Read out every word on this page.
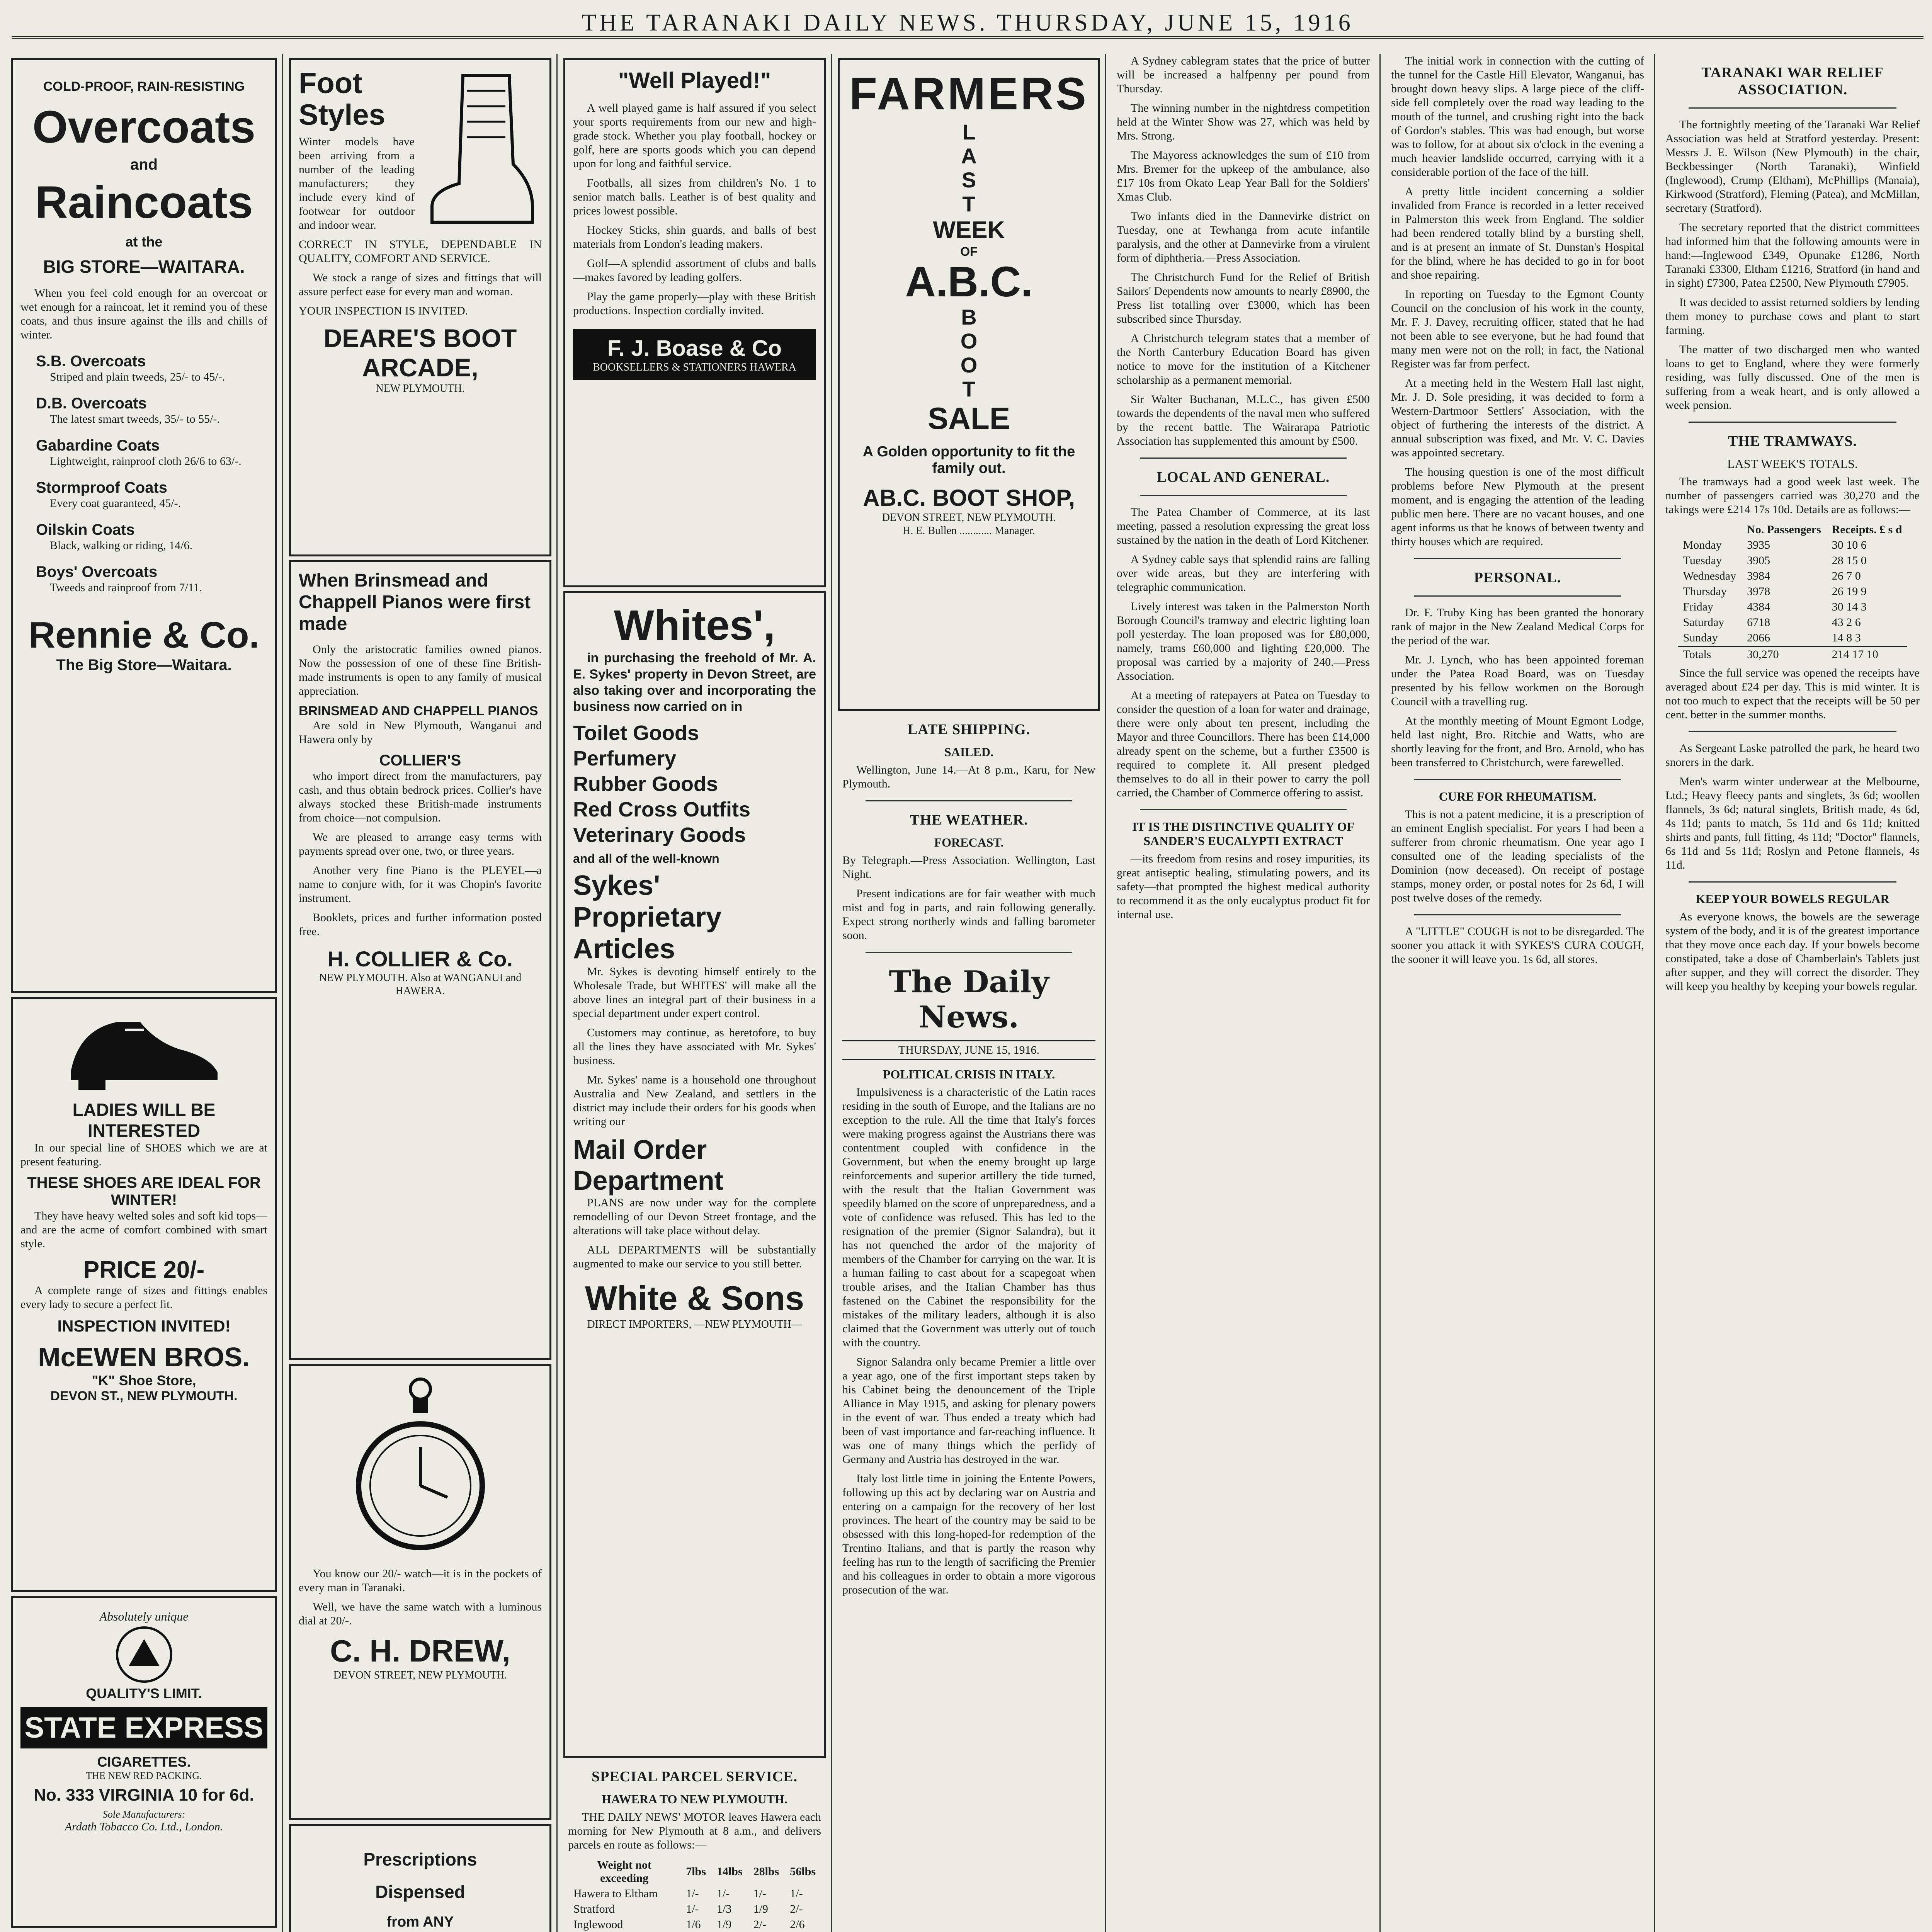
THE TARANAKI DAILY NEWS. THURSDAY, JUNE 15, 1916
COLD-PROOF, RAIN-RESISTING
Overcoats
and
Raincoats
at the
BIG STORE—WAITARA.

When you feel cold enough for an overcoat or wet enough for a raincoat, let it remind you of these coats, and thus insure against the ills and chills of winter.

S.B. Overcoats
Striped and plain tweeds, 25/- to 45/-.
D.B. Overcoats
The latest smart tweeds, 35/- to 55/-.
Gabardine Coats
Lightweight, rainproof cloth 26/6 to 63/-.
Stormproof Coats
Every coat guaranteed, 45/-.
Oilskin Coats
Black, walking or riding, 14/6.
Boys' Overcoats
Tweeds and rainproof from 7/11.
Rennie & Co.
The Big Store—Waitara.
LADIES WILL BE INTERESTED

In our special line of SHOES which we are at present featuring.

THESE SHOES ARE IDEAL FOR WINTER!

They have heavy welted soles and soft kid tops—and are the acme of comfort combined with smart style.

PRICE 20/-

A complete range of sizes and fittings enables every lady to secure a perfect fit.

INSPECTION INVITED!
McEWEN BROS.
"K" Shoe Store,
DEVON ST., NEW PLYMOUTH.
Absolutely unique
QUALITY'S LIMIT.
STATE EXPRESS
CIGARETTES.
THE NEW RED PACKING.
No. 333 VIRGINIA 10 for 6d.
Sole Manufacturers:
Ardath Tobacco Co. Ltd., London.

Foot Styles

Winter models have been arriving from a number of the leading manufacturers; they include every kind of footwear for outdoor and indoor wear.

CORRECT IN STYLE, DEPENDABLE IN QUALITY, COMFORT AND SERVICE.

We stock a range of sizes and fittings that will assure perfect ease for every man and woman.

YOUR INSPECTION IS INVITED.

DEARE'S BOOT ARCADE,
NEW PLYMOUTH.
When Brinsmead and Chappell Pianos were first made

Only the aristocratic families owned pianos. Now the possession of one of these fine British-made instruments is open to any family of musical appreciation.

BRINSMEAD AND CHAPPELL PIANOS

Are sold in New Plymouth, Wanganui and Hawera only by

COLLIER'S

who import direct from the manufacturers, pay cash, and thus obtain bedrock prices. Collier's have always stocked these British-made instruments from choice—not compulsion.

We are pleased to arrange easy terms with payments spread over one, two, or three years.

Another very fine Piano is the PLEYEL—a name to conjure with, for it was Chopin's favorite instrument.

Booklets, prices and further information posted free.

H. COLLIER & Co.
NEW PLYMOUTH. Also at WANGANUI and HAWERA.

You know our 20/- watch—it is in the pockets of every man in Taranaki.

Well, we have the same watch with a luminous dial at 20/-.

C. H. DREW,
DEVON STREET, NEW PLYMOUTH.
Prescriptions
Dispensed
from ANY

"Well Played!"

A well played game is half assured if you select your sports requirements from our new and high-grade stock. Whether you play football, hockey or golf, here are sports goods which you can depend upon for long and faithful service.

Footballs, all sizes from children's No. 1 to senior match balls. Leather is of best quality and prices lowest possible.

Hockey Sticks, shin guards, and balls of best materials from London's leading makers.

Golf—A splendid assortment of clubs and balls—makes favored by leading golfers.

Play the game properly—play with these British productions. Inspection cordially invited.

F. J. Boase & Co
BOOKSELLERS & STATIONERS HAWERA
Whites',

in purchasing the freehold of Mr. A. E. Sykes' property in Devon Street, are also taking over and incorporating the business now carried on in

Toilet Goods
Perfumery
Rubber Goods
Red Cross Outfits
Veterinary Goods
and all of the well-known
Sykes' Proprietary Articles

Mr. Sykes is devoting himself entirely to the Wholesale Trade, but WHITES' will make all the above lines an integral part of their business in a special department under expert control.

Customers may continue, as heretofore, to buy all the lines they have associated with Mr. Sykes' business.

Mr. Sykes' name is a household one throughout Australia and New Zealand, and settlers in the district may include their orders for his goods when writing our

Mail Order Department

PLANS are now under way for the complete remodelling of our Devon Street frontage, and the alterations will take place without delay.

ALL DEPARTMENTS will be substantially augmented to make our service to you still better.

White & Sons
DIRECT IMPORTERS, —NEW PLYMOUTH—
SPECIAL PARCEL SERVICE.
HAWERA TO NEW PLYMOUTH.

THE DAILY NEWS' MOTOR leaves Hawera each morning for New Plymouth at 8 a.m., and delivers parcels en route as follows:—

Weight not exceeding	7lbs	14lbs	28lbs	56lbs
Hawera to Eltham	1/-	1/-	1/-	1/-
Stratford	1/-	1/3	1/9	2/-
Inglewood	1/6	1/9	2/-	2/6

FARMERS
L
A
S
T
WEEK
OF
A.B.C.
B
O
O
T
SALE
A Golden opportunity to fit the family out.
AB.C. BOOT SHOP,
DEVON STREET, NEW PLYMOUTH.
H. E. Bullen ............ Manager.
LATE SHIPPING.
SAILED.

Wellington, June 14.—At 8 p.m., Karu, for New Plymouth.

THE WEATHER.
FORECAST.

By Telegraph.—Press Association. Wellington, Last Night.

Present indications are for fair weather with much mist and fog in parts, and rain following generally. Expect strong northerly winds and falling barometer soon.

The Daily News.
THURSDAY, JUNE 15, 1916.
POLITICAL CRISIS IN ITALY.

Impulsiveness is a characteristic of the Latin races residing in the south of Europe, and the Italians are no exception to the rule. All the time that Italy's forces were making progress against the Austrians there was contentment coupled with confidence in the Government, but when the enemy brought up large reinforcements and superior artillery the tide turned, with the result that the Italian Government was speedily blamed on the score of unpreparedness, and a vote of confidence was refused. This has led to the resignation of the premier (Signor Salandra), but it has not quenched the ardor of the majority of members of the Chamber for carrying on the war. It is a human failing to cast about for a scapegoat when trouble arises, and the Italian Chamber has thus fastened on the Cabinet the responsibility for the mistakes of the military leaders, although it is also claimed that the Government was utterly out of touch with the country.

Signor Salandra only became Premier a little over a year ago, one of the first important steps taken by his Cabinet being the denouncement of the Triple Alliance in May 1915, and asking for plenary powers in the event of war. Thus ended a treaty which had been of vast importance and far-reaching influence. It was one of many things which the perfidy of Germany and Austria has destroyed in the war.

Italy lost little time in joining the Entente Powers, following up this act by declaring war on Austria and entering on a campaign for the recovery of her lost provinces. The heart of the country may be said to be obsessed with this long-hoped-for redemption of the Trentino Italians, and that is partly the reason why feeling has run to the length of sacrificing the Premier and his colleagues in order to obtain a more vigorous prosecution of the war.

A Sydney cablegram states that the price of butter will be increased a halfpenny per pound from Thursday.

The winning number in the nightdress competition held at the Winter Show was 27, which was held by Mrs. Strong.

The Mayoress acknowledges the sum of £10 from Mrs. Bremer for the upkeep of the ambulance, also £17 10s from Okato Leap Year Ball for the Soldiers' Xmas Club.

Two infants died in the Dannevirke district on Tuesday, one at Tewhanga from acute infantile paralysis, and the other at Dannevirke from a virulent form of diphtheria.—Press Association.

The Christchurch Fund for the Relief of British Sailors' Dependents now amounts to nearly £8900, the Press list totalling over £3000, which has been subscribed since Thursday.

A Christchurch telegram states that a member of the North Canterbury Education Board has given notice to move for the institution of a Kitchener scholarship as a permanent memorial.

Sir Walter Buchanan, M.L.C., has given £500 towards the dependents of the naval men who suffered by the recent battle. The Wairarapa Patriotic Association has supplemented this amount by £500.

LOCAL AND GENERAL.

The Patea Chamber of Commerce, at its last meeting, passed a resolution expressing the great loss sustained by the nation in the death of Lord Kitchener.

A Sydney cable says that splendid rains are falling over wide areas, but they are interfering with telegraphic communication.

Lively interest was taken in the Palmerston North Borough Council's tramway and electric lighting loan poll yesterday. The loan proposed was for £80,000, namely, trams £60,000 and lighting £20,000. The proposal was carried by a majority of 240.—Press Association.

At a meeting of ratepayers at Patea on Tuesday to consider the question of a loan for water and drainage, there were only about ten present, including the Mayor and three Councillors. There has been £14,000 already spent on the scheme, but a further £3500 is required to complete it. All present pledged themselves to do all in their power to carry the poll carried, the Chamber of Commerce offering to assist.

IT IS THE DISTINCTIVE QUALITY OF SANDER'S EUCALYPTI EXTRACT

—its freedom from resins and rosey impurities, its great antiseptic healing, stimulating powers, and its safety—that prompted the highest medical authority to recommend it as the only eucalyptus product fit for internal use.

The initial work in connection with the cutting of the tunnel for the Castle Hill Elevator, Wanganui, has brought down heavy slips. A large piece of the cliff-side fell completely over the road way leading to the mouth of the tunnel, and crushing right into the back of Gordon's stables. This was had enough, but worse was to follow, for at about six o'clock in the evening a much heavier landslide occurred, carrying with it a considerable portion of the face of the hill.

A pretty little incident concerning a soldier invalided from France is recorded in a letter received in Palmerston this week from England. The soldier had been rendered totally blind by a bursting shell, and is at present an inmate of St. Dunstan's Hospital for the blind, where he has decided to go in for boot and shoe repairing.

In reporting on Tuesday to the Egmont County Council on the conclusion of his work in the county, Mr. F. J. Davey, recruiting officer, stated that he had not been able to see everyone, but he had found that many men were not on the roll; in fact, the National Register was far from perfect.

At a meeting held in the Western Hall last night, Mr. J. D. Sole presiding, it was decided to form a Western-Dartmoor Settlers' Association, with the object of furthering the interests of the district. A annual subscription was fixed, and Mr. V. C. Davies was appointed secretary.

The housing question is one of the most difficult problems before New Plymouth at the present moment, and is engaging the attention of the leading public men here. There are no vacant houses, and one agent informs us that he knows of between twenty and thirty houses which are required.

PERSONAL.

Dr. F. Truby King has been granted the honorary rank of major in the New Zealand Medical Corps for the period of the war.

Mr. J. Lynch, who has been appointed foreman under the Patea Road Board, was on Tuesday presented by his fellow workmen on the Borough Council with a travelling rug.

At the monthly meeting of Mount Egmont Lodge, held last night, Bro. Ritchie and Watts, who are shortly leaving for the front, and Bro. Arnold, who has been transferred to Christchurch, were farewelled.

CURE FOR RHEUMATISM.

This is not a patent medicine, it is a prescription of an eminent English specialist. For years I had been a sufferer from chronic rheumatism. One year ago I consulted one of the leading specialists of the Dominion (now deceased). On receipt of postage stamps, money order, or postal notes for 2s 6d, I will post twelve doses of the remedy.

A "LITTLE" COUGH is not to be disregarded. The sooner you attack it with SYKES'S CURA COUGH, the sooner it will leave you. 1s 6d, all stores.

TARANAKI WAR RELIEF ASSOCIATION.

The fortnightly meeting of the Taranaki War Relief Association was held at Stratford yesterday. Present: Messrs J. E. Wilson (New Plymouth) in the chair, Beckbessinger (North Taranaki), Winfield (Inglewood), Crump (Eltham), McPhillips (Manaia), Kirkwood (Stratford), Fleming (Patea), and McMillan, secretary (Stratford).

The secretary reported that the district committees had informed him that the following amounts were in hand:—Inglewood £349, Opunake £1286, North Taranaki £3300, Eltham £1216, Stratford (in hand and in sight) £7300, Patea £2500, New Plymouth £7905.

It was decided to assist returned soldiers by lending them money to purchase cows and plant to start farming.

The matter of two discharged men who wanted loans to get to England, where they were formerly residing, was fully discussed. One of the men is suffering from a weak heart, and is only allowed a week pension.

THE TRAMWAYS.
LAST WEEK'S TOTALS.

The tramways had a good week last week. The number of passengers carried was 30,270 and the takings were £214 17s 10d. Details are as follows:—

	No. Passengers	Receipts. £ s d
Monday	3935	30 10 6
Tuesday	3905	28 15 0
Wednesday	3984	26 7 0
Thursday	3978	26 19 9
Friday	4384	30 14 3
Saturday	6718	43 2 6
Sunday	2066	14 8 3
Totals	30,270	214 17 10

Since the full service was opened the receipts have averaged about £24 per day. This is mid winter. It is not too much to expect that the receipts will be 50 per cent. better in the summer months.

As Sergeant Laske patrolled the park, he heard two snorers in the dark.

Men's warm winter underwear at the Melbourne, Ltd.; Heavy fleecy pants and singlets, 3s 6d; woollen flannels, 3s 6d; natural singlets, British made, 4s 6d, 4s 11d; pants to match, 5s 11d and 6s 11d; knitted shirts and pants, full fitting, 4s 11d; "Doctor" flannels, 6s 11d and 5s 11d; Roslyn and Petone flannels, 4s 11d.

KEEP YOUR BOWELS REGULAR

As everyone knows, the bowels are the sewerage system of the body, and it is of the greatest importance that they move once each day. If your bowels become constipated, take a dose of Chamberlain's Tablets just after supper, and they will correct the disorder. They will keep you healthy by keeping your bowels regular.
